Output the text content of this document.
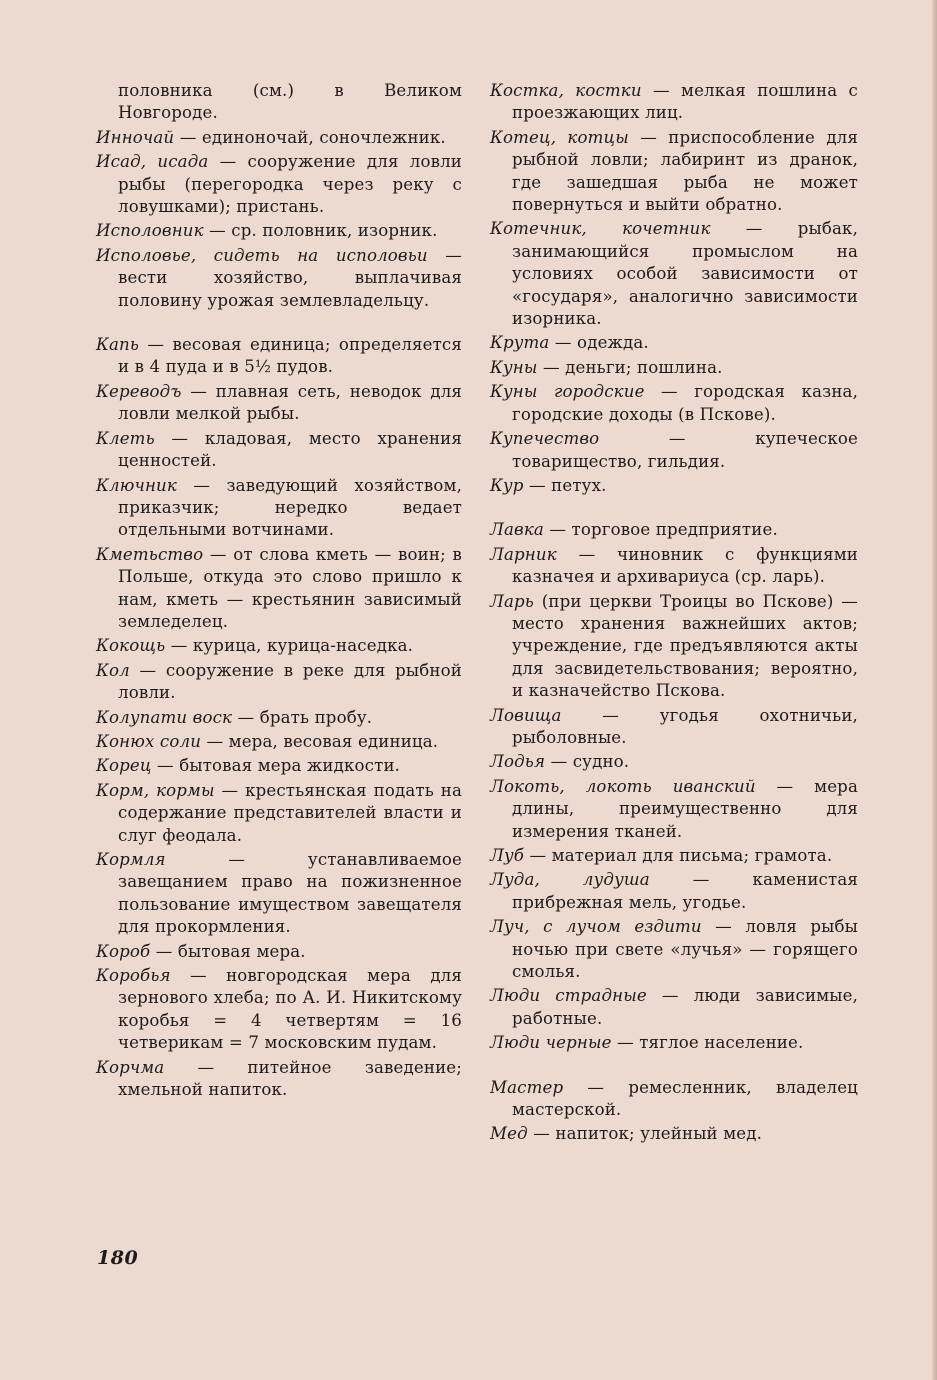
половника (см.) в Великом Новгороде.

Инночай — единоночай, соночлежник.

Исад, исада — сооружение для ловли рыбы (перегородка через реку с ловушками); пристань.

Исполовник — ср. половник, изорник.

Исполовье, сидеть на исполовьи — вести хозяйство, выплачивая половину урожая землевладельцу.

Капь — весовая единица; определяется и в 4 пуда и в 5½ пудов.

Кереводъ — плавная сеть, неводок для ловли мелкой рыбы.

Клеть — кладовая, место хранения ценностей.

Ключник — заведующий хозяйством, приказчик; нередко ведает отдельными вотчинами.

Кметьство — от слова кметь — воин; в Польше, откуда это слово пришло к нам, кметь — крестьянин зависимый земледелец.

Кокощь — курица, курица-наседка.

Кол — сооружение в реке для рыбной ловли.

Колупати воск — брать пробу.

Конюх соли — мера, весовая единица.

Корец — бытовая мера жидкости.

Корм, кормы — крестьянская подать на содержание представителей власти и слуг феодала.

Кормля — устанавливаемое завещанием право на пожизненное пользование имуществом завещателя для прокормления.

Короб — бытовая мера.

Коробья — новгородская мера для зернового хлеба; по А. И. Никитскому коробья = 4 четвертям = 16 четверикам = 7 московским пудам.

Корчма — питейное заведение; хмельной напиток.

Костка, костки — мелкая пошлина с проезжающих лиц.

Котец, котцы — приспособление для рыбной ловли; лабиринт из дранок, где зашедшая рыба не может повернуться и выйти обратно.

Котечник, кочетник — рыбак, занимающийся промыслом на условиях особой зависимости от «государя», аналогично зависимости изорника.

Крута — одежда.

Куны — деньги; пошлина.

Куны городские — городская казна, городские доходы (в Пскове).

Купечество — купеческое товарищество, гильдия.

Кур — петух.

Лавка — торговое предприятие.

Ларник — чиновник с функциями казначея и архивариуса (ср. ларь).

Ларь (при церкви Троицы во Пскове) — место хранения важнейших актов; учреждение, где предъявляются акты для засвидетельствования; вероятно, и казначейство Пскова.

Ловища — угодья охотничьи, рыболовные.

Лодья — судно.

Локоть, локоть иванский — мера длины, преимущественно для измерения тканей.

Луб — материал для письма; грамота.

Луда, лудуша — каменистая прибрежная мель, угодье.

Луч, с лучом ездити — ловля рыбы ночью при свете «лучья» — горящего смолья.

Люди страдные — люди зависимые, работные.

Люди черные — тяглое население.

Мастер — ремесленник, владелец мастерской.

Мед — напиток; улейный мед.

180
